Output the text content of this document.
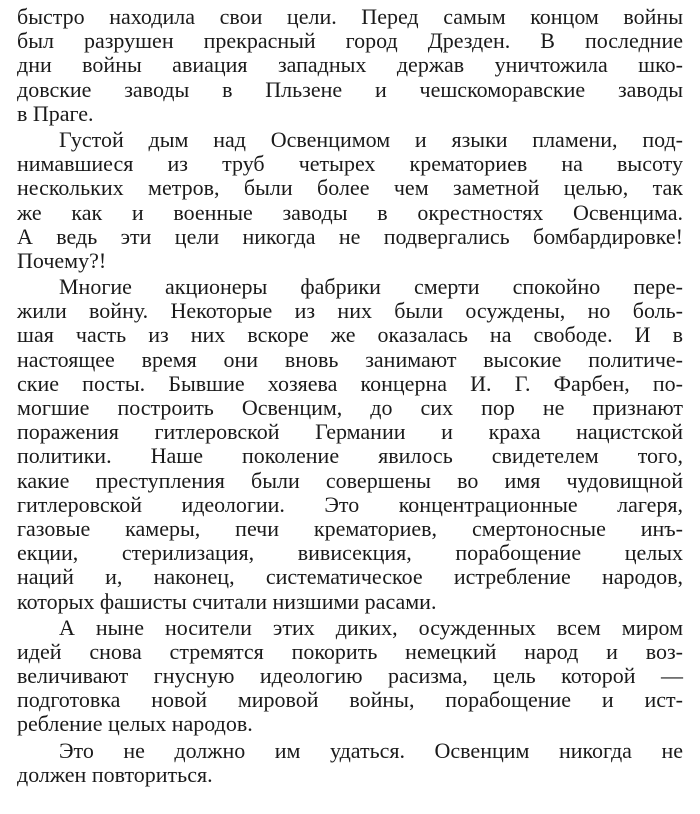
быстро находила свои цели. Перед самым концом войны
был разрушен прекрасный город Дрезден. В последние
дни войны авиация западных держав уничтожила шко-
довские заводы в Пльзене и чешскоморавские заводы
в Праге.
Густой дым над Освенцимом и языки пламени, под-
нимавшиеся из труб четырех крематориев на высоту
нескольких метров, были более чем заметной целью, так
же как и военные заводы в окрестностях Освенцима.
А ведь эти цели никогда не подвергались бомбардировке!
Почему?!
Многие акционеры фабрики смерти спокойно пере-
жили войну. Некоторые из них были осуждены, но боль-
шая часть из них вскоре же оказалась на свободе. И в
настоящее время они вновь занимают высокие политиче-
ские посты. Бывшие хозяева концерна И. Г. Фарбен, по-
могшие построить Освенцим, до сих пор не признают
поражения гитлеровской Германии и краха нацистской
политики. Наше поколение явилось свидетелем того,
какие преступления были совершены во имя чудовищной
гитлеровской идеологии. Это концентрационные лагеря,
газовые камеры, печи крематориев, смертоносные инъ-
екции, стерилизация, вивисекция, порабощение целых
наций и, наконец, систематическое истребление народов,
которых фашисты считали низшими расами.
А ныне носители этих диких, осужденных всем миром
идей снова стремятся покорить немецкий народ и воз-
величивают гнусную идеологию расизма, цель которой —
подготовка новой мировой войны, порабощение и ист-
ребление целых народов.
Это не должно им удаться. Освенцим никогда не
должен повториться.
